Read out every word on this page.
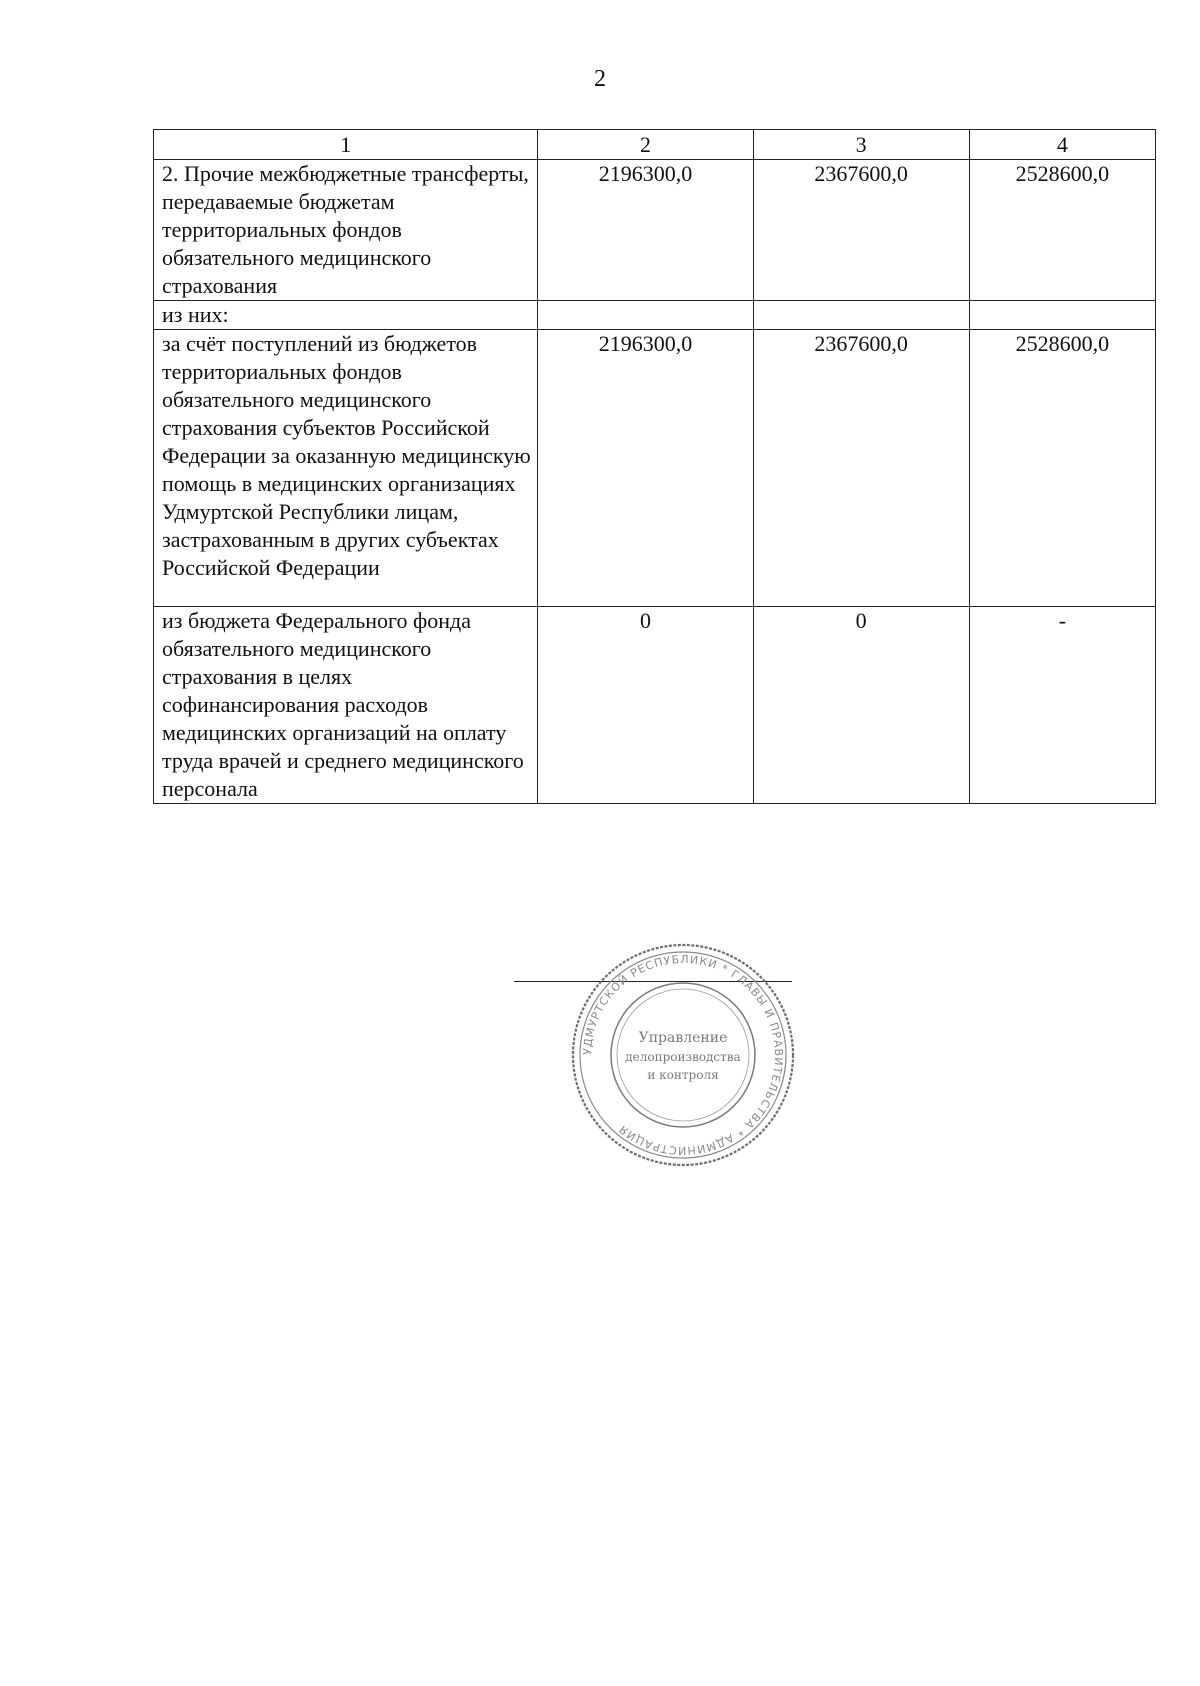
2
1	2	3	4
2. Прочие межбюджетные трансферты, передаваемые бюджетам территориальных фондов обязательного медицинского страхования	2196300,0	2367600,0	2528600,0
из них:			
за счёт поступлений из бюджетов территориальных фондов обязательного медицинского страхования субъектов Российской Федерации за оказанную медицинскую помощь в медицинских организациях Удмуртской Республики лицам, застрахованным в других субъектах Российской Федерации	2196300,0	2367600,0	2528600,0
из бюджета Федерального фонда обязательного медицинского страхования в целях софинансирования расходов медицинских организаций на оплату труда врачей и среднего медицинского персонала	0	0	-
УДМУРТСКОЙ РЕСПУБЛИКИ * ГЛАВЫ И ПРАВИТЕЛЬСТВА * АДМИНИСТРАЦИЯ
Управление
делопроизводства
и контроля
